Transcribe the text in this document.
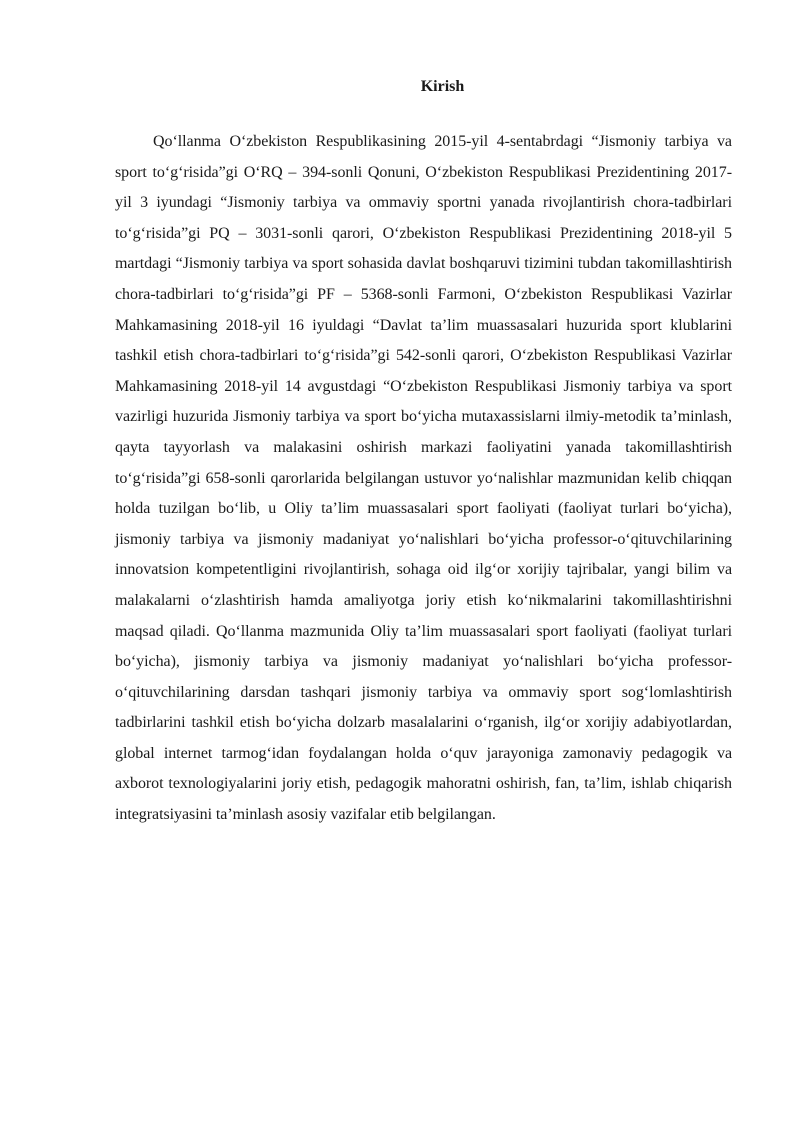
Kirish

Qo‘llanma O‘zbekiston Respublikasining 2015-yil 4-sentabrdagi “Jismoniy tarbiya va sport to‘g‘risida”gi O‘RQ – 394-sonli Qonuni, O‘zbekiston Respublikasi Prezidentining 2017-yil 3 iyundagi “Jismoniy tarbiya va ommaviy sportni yanada rivojlantirish chora-tadbirlari to‘g‘risida”gi PQ – 3031-sonli qarori, O‘zbekiston Respublikasi Prezidentining 2018-yil 5 martdagi “Jismoniy tarbiya va sport sohasida davlat boshqaruvi tizimini tubdan takomillashtirish chora-tadbirlari to‘g‘risida”gi PF – 5368-sonli Farmoni, O‘zbekiston Respublikasi Vazirlar Mahkamasining 2018-yil 16 iyuldagi “Davlat ta’lim muassasalari huzurida sport klublarini tashkil etish chora-tadbirlari to‘g‘risida”gi 542-sonli qarori, O‘zbekiston Respublikasi Vazirlar Mahkamasining 2018-yil 14 avgustdagi “O‘zbekiston Respublikasi Jismoniy tarbiya va sport vazirligi huzurida Jismoniy tarbiya va sport bo‘yicha mutaxassislarni ilmiy-metodik ta’minlash, qayta tayyorlash va malakasini oshirish markazi faoliyatini yanada takomillashtirish to‘g‘risida”gi 658-sonli qarorlarida belgilangan ustuvor yo‘nalishlar mazmunidan kelib chiqqan holda tuzilgan bo‘lib, u Oliy ta’lim muassasalari sport faoliyati (faoliyat turlari bo‘yicha), jismoniy tarbiya va jismoniy madaniyat yo‘nalishlari bo‘yicha professor-o‘qituvchilarining innovatsion kompetentligini rivojlantirish, sohaga oid ilg‘or xorijiy tajribalar, yangi bilim va malakalarni o‘zlashtirish hamda amaliyotga joriy etish ko‘nikmalarini takomillashtirishni maqsad qiladi. Qo‘llanma mazmunida Oliy ta’lim muassasalari sport faoliyati (faoliyat turlari bo‘yicha), jismoniy tarbiya va jismoniy madaniyat yo‘nalishlari bo‘yicha professor-o‘qituvchilarining darsdan tashqari jismoniy tarbiya va ommaviy sport sog‘lomlashtirish tadbirlarini tashkil etish bo‘yicha dolzarb masalalarini o‘rganish, ilg‘or xorijiy adabiyotlardan, global internet tarmog‘idan foydalangan holda o‘quv jarayoniga zamonaviy pedagogik va axborot texnologiyalarini joriy etish, pedagogik mahoratni oshirish, fan, ta’lim, ishlab chiqarish integratsiyasini ta’minlash asosiy vazifalar etib belgilangan.
